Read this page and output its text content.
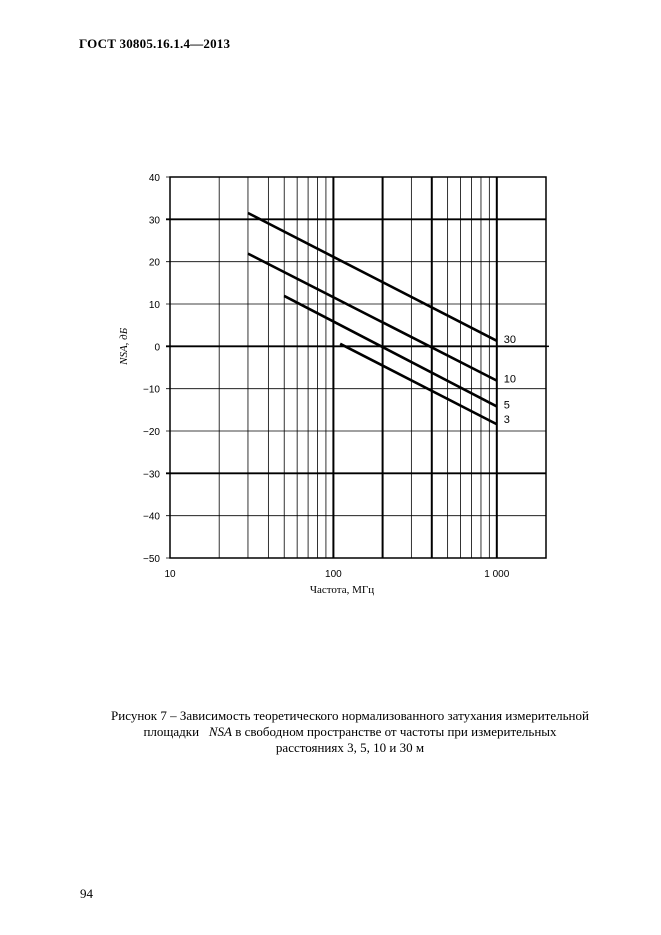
ГОСТ 30805.16.1.4—2013
30
10
5
3
40
30
20
10
0
−10
−20
−30
−40
−50
10	100	1 000
Частота, МГц
NSA, дБ
Рисунок 7 – Зависимость теоретического нормализованного затухания измерительной
площадки NSA в свободном пространстве от частоты при измерительных
расстояниях 3, 5, 10 и 30 м
94
